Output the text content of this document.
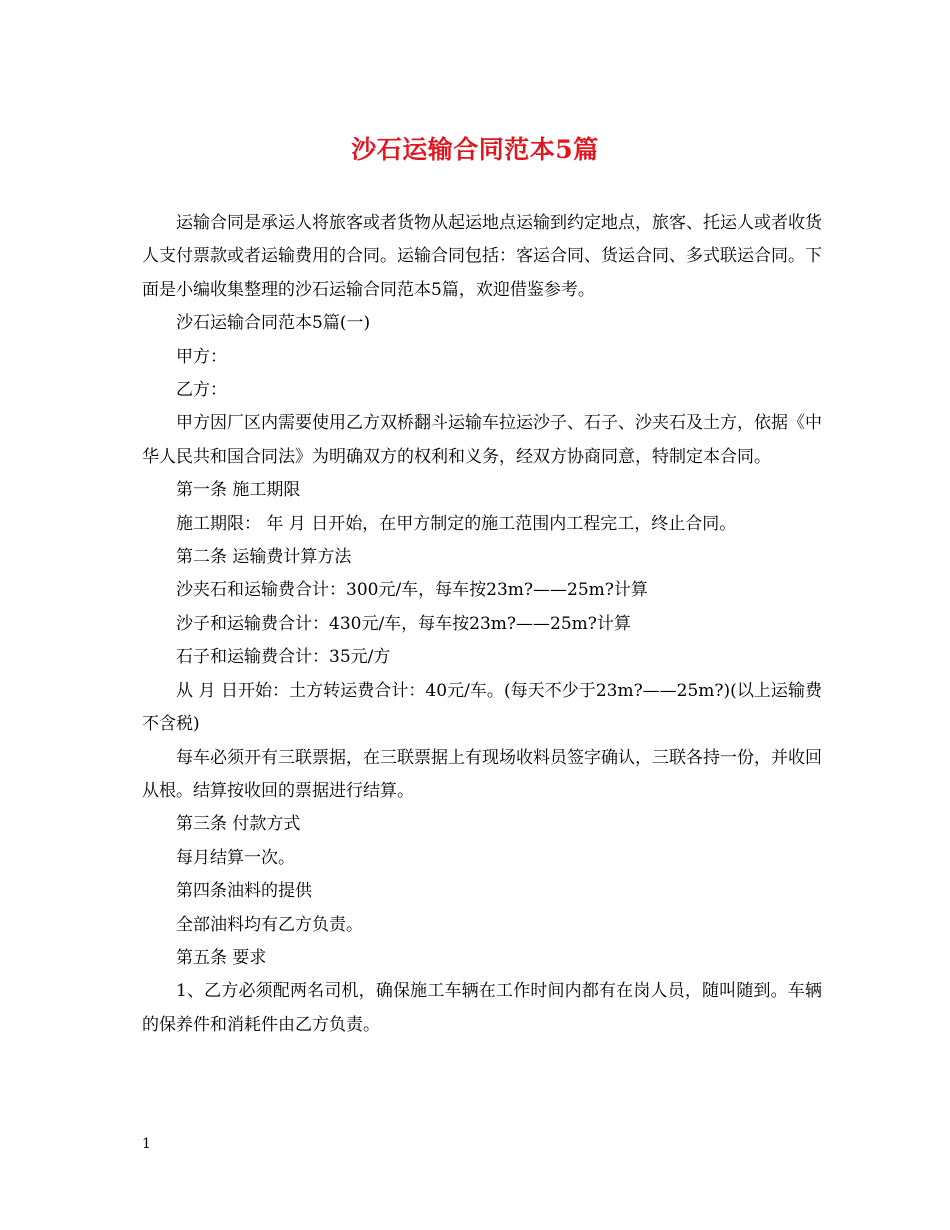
沙石运输合同范本5篇

运输合同是承运人将旅客或者货物从起运地点运输到约定地点，旅客、托运人或者收货人支付票款或者运输费用的合同。运输合同包括：客运合同、货运合同、多式联运合同。下面是小编收集整理的沙石运输合同范本5篇，欢迎借鉴参考。

沙石运输合同范本5篇(一)

甲方：

乙方：

甲方因厂区内需要使用乙方双桥翻斗运输车拉运沙子、石子、沙夹石及土方，依据《中华人民共和国合同法》为明确双方的权利和义务，经双方协商同意，特制定本合同。

第一条 施工期限

施工期限： 年 月 日开始，在甲方制定的施工范围内工程完工，终止合同。

第二条 运输费计算方法

沙夹石和运输费合计：300元/车，每车按23m?——25m?计算

沙子和运输费合计：430元/车，每车按23m?——25m?计算

石子和运输费合计：35元/方

从 月 日开始：土方转运费合计：40元/车。(每天不少于23m?——25m?)(以上运输费不含税)

每车必须开有三联票据，在三联票据上有现场收料员签字确认，三联各持一份，并收回从根。结算按收回的票据进行结算。

第三条 付款方式

每月结算一次。

第四条油料的提供

全部油料均有乙方负责。

第五条 要求

1、乙方必须配两名司机，确保施工车辆在工作时间内都有在岗人员，随叫随到。车辆的保养件和消耗件由乙方负责。

1
